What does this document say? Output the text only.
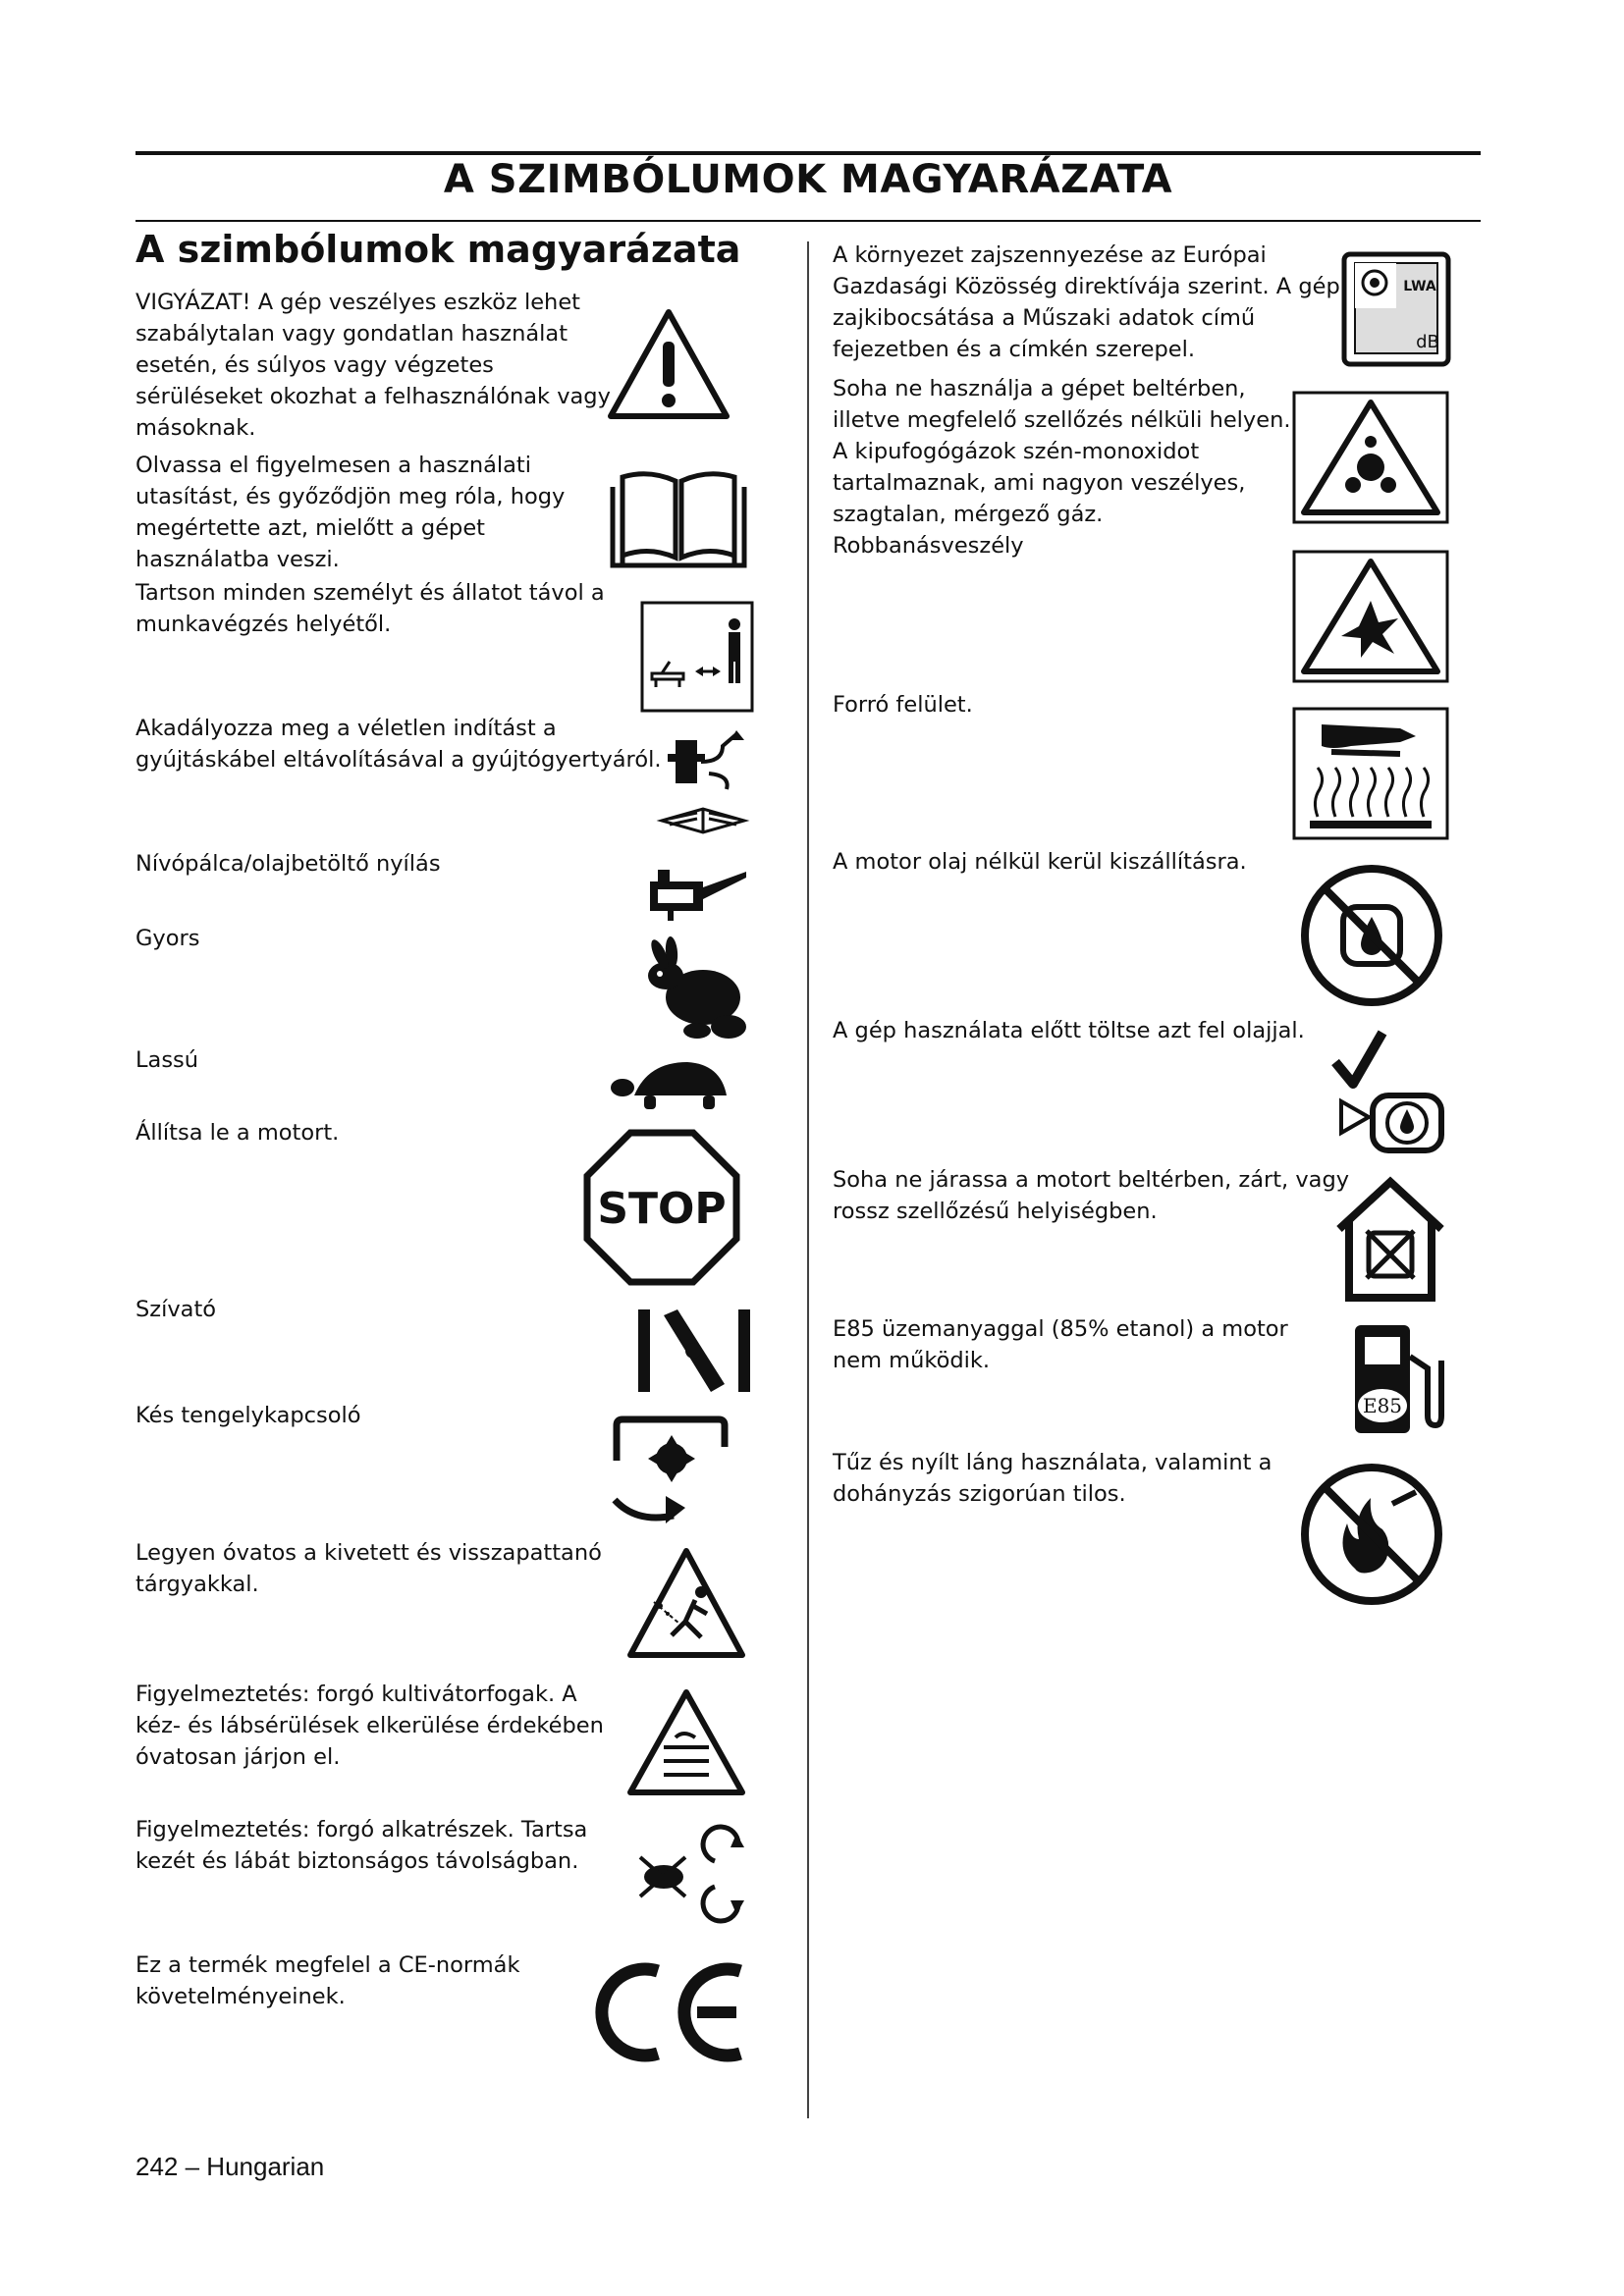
A SZIMBÓLUMOK MAGYARÁZATA
A szimbólumok magyarázata
VIGYÁZAT! A gép veszélyes eszköz lehet
szabálytalan vagy gondatlan használat
esetén, és súlyos vagy végzetes
sérüléseket okozhat a felhasználónak vagy
másoknak.
Olvassa el figyelmesen a használati
utasítást, és győződjön meg róla, hogy
megértette azt, mielőtt a gépet
használatba veszi.
Tartson minden személyt és állatot távol a
munkavégzés helyétől.
Akadályozza meg a véletlen indítást a
gyújtáskábel eltávolításával a gyújtógyertyáról.
Nívópálca/olajbetöltő nyílás
Gyors
Lassú
Állítsa le a motort.
Szívató
Kés tengelykapcsoló
Legyen óvatos a kivetett és visszapattanó
tárgyakkal.
Figyelmeztetés: forgó kultivátorfogak. A
kéz- és lábsérülések elkerülése érdekében
óvatosan járjon el.
Figyelmeztetés: forgó alkatrészek. Tartsa
kezét és lábát biztonságos távolságban.
Ez a termék megfelel a CE-normák
követelményeinek.
A környezet zajszennyezése az Európai
Gazdasági Közösség direktívája szerint. A gép
zajkibocsátása a Műszaki adatok című
fejezetben és a címkén szerepel.
Soha ne használja a gépet beltérben,
illetve megfelelő szellőzés nélküli helyen.
A kipufogógázok szén-monoxidot
tartalmaznak, ami nagyon veszélyes,
szagtalan, mérgező gáz.
Robbanásveszély
Forró felület.
A motor olaj nélkül kerül kiszállításra.
A gép használata előtt töltse azt fel olajjal.
Soha ne járassa a motort beltérben, zárt, vagy
rossz szellőzésű helyiségben.
E85 üzemanyaggal (85% etanol) a motor
nem működik.
Tűz és nyílt láng használata, valamint a
dohányzás szigorúan tilos.
STOP
LWA
dB
E85
242 – Hungarian
